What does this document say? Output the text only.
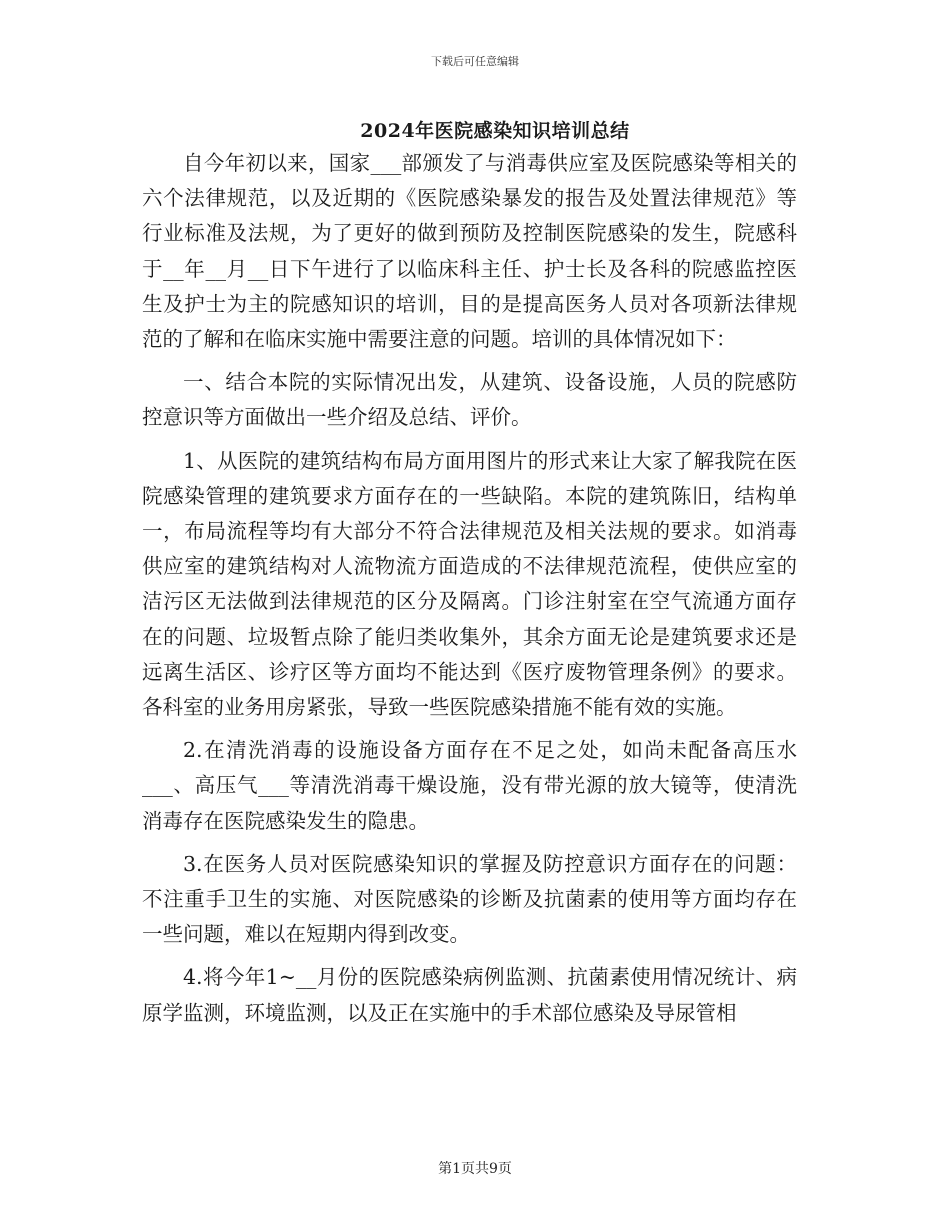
下载后可任意编辑
2024年医院感染知识培训总结

自今年初以来，国家___部颁发了与消毒供应室及医院感染等相关的六个法律规范，以及近期的《医院感染暴发的报告及处置法律规范》等行业标准及法规，为了更好的做到预防及控制医院感染的发生，院感科于__年__月__日下午进行了以临床科主任、护士长及各科的院感监控医生及护士为主的院感知识的培训，目的是提高医务人员对各项新法律规范的了解和在临床实施中需要注意的问题。培训的具体情况如下：

一、结合本院的实际情况出发，从建筑、设备设施，人员的院感防控意识等方面做出一些介绍及总结、评价。

1、从医院的建筑结构布局方面用图片的形式来让大家了解我院在医院感染管理的建筑要求方面存在的一些缺陷。本院的建筑陈旧，结构单一，布局流程等均有大部分不符合法律规范及相关法规的要求。如消毒供应室的建筑结构对人流物流方面造成的不法律规范流程，使供应室的洁污区无法做到法律规范的区分及隔离。门诊注射室在空气流通方面存在的问题、垃圾暂点除了能归类收集外，其余方面无论是建筑要求还是远离生活区、诊疗区等方面均不能达到《医疗废物管理条例》的要求。各科室的业务用房紧张，导致一些医院感染措施不能有效的实施。

2.在清洗消毒的设施设备方面存在不足之处，如尚未配备高压水___、高压气___等清洗消毒干燥设施，没有带光源的放大镜等，使清洗消毒存在医院感染发生的隐患。

3.在医务人员对医院感染知识的掌握及防控意识方面存在的问题：不注重手卫生的实施、对医院感染的诊断及抗菌素的使用等方面均存在一些问题，难以在短期内得到改变。

4.将今年1~__月份的医院感染病例监测、抗菌素使用情况统计、病原学监测，环境监测，以及正在实施中的手术部位感染及导尿管相

第1页共9页
